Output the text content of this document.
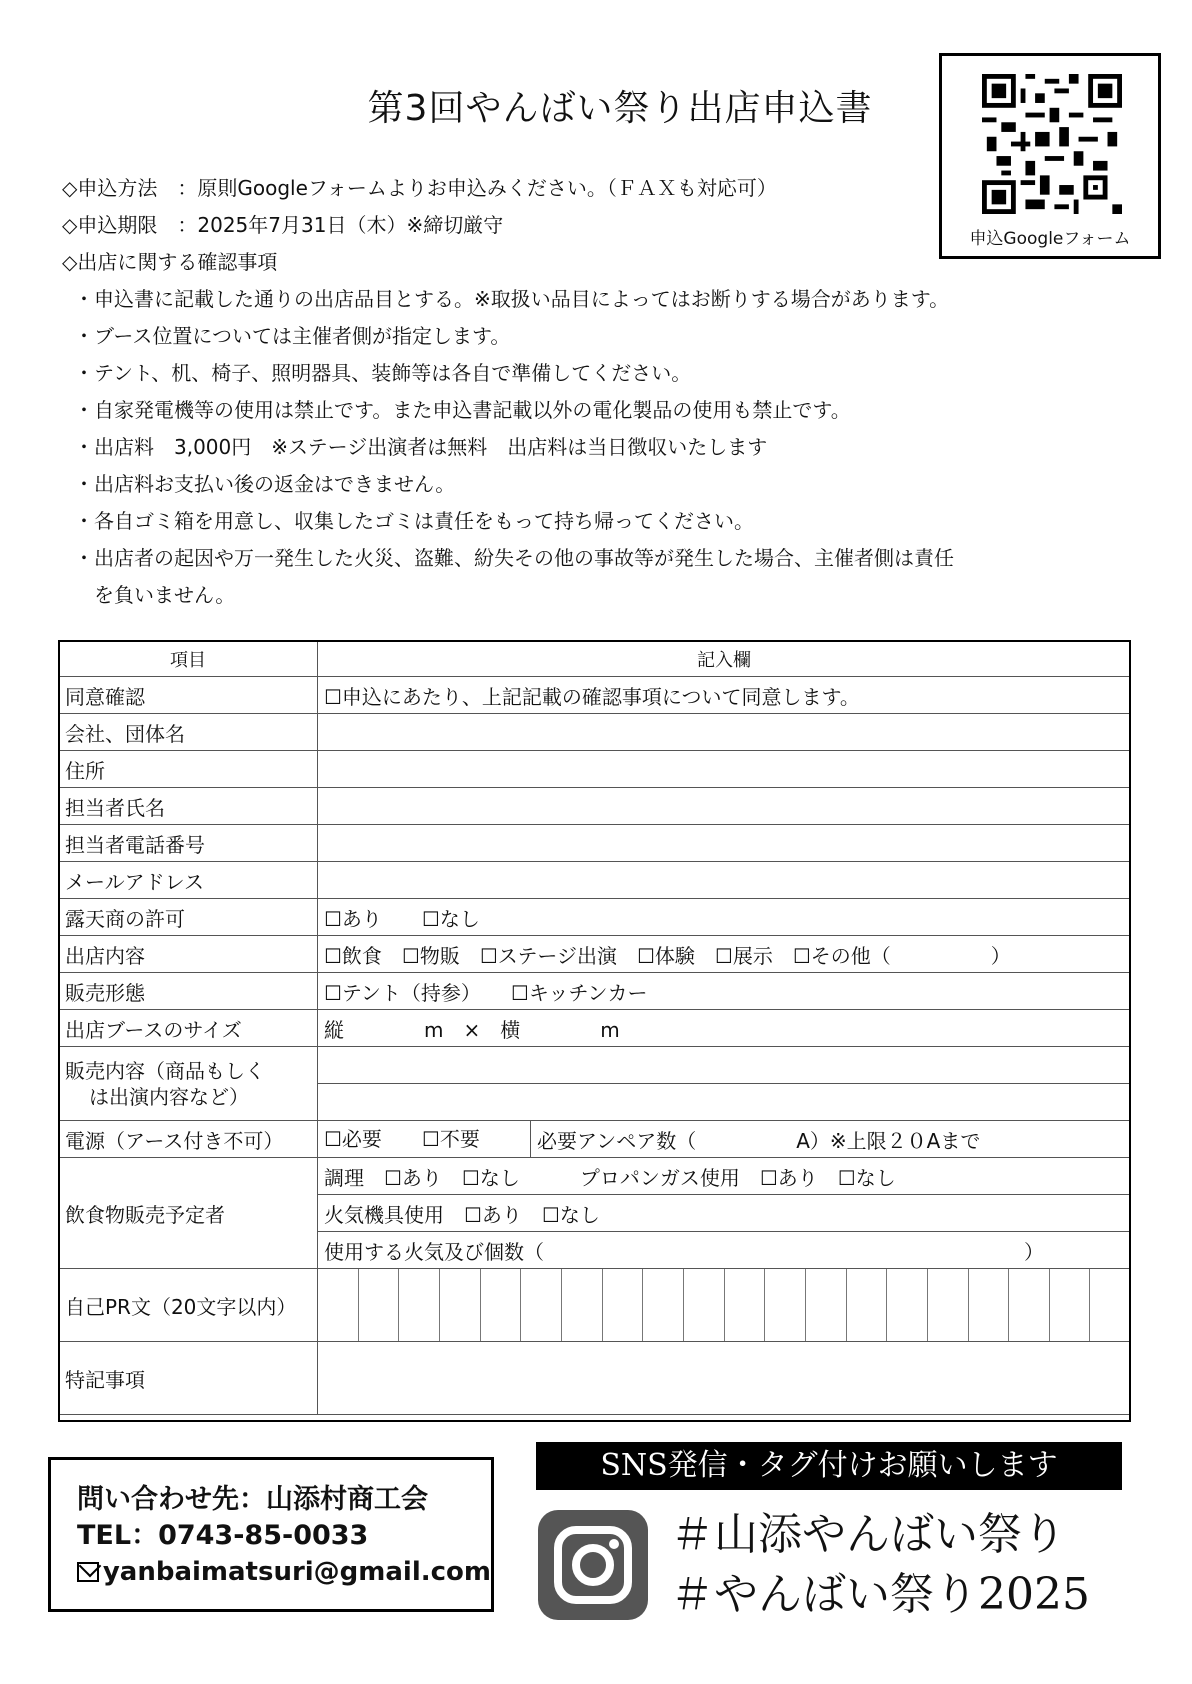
第3回やんばい祭り出店申込書
申込Googleフォーム
◇申込方法　：原則Googleフォームよりお申込みください。（ＦＡＸも対応可）
◇申込期限　：2025年7月31日（木）※締切厳守
◇出店に関する確認事項
・申込書に記載した通りの出店品目とする。※取扱い品目によってはお断りする場合があります。
・ブース位置については主催者側が指定します。
・テント、机、椅子、照明器具、装飾等は各自で準備してください。
・自家発電機等の使用は禁止です。また申込書記載以外の電化製品の使用も禁止です。
・出店料　3,000円　※ステージ出演者は無料　出店料は当日徴収いたします
・出店料お支払い後の返金はできません。
・各自ゴミ箱を用意し、収集したゴミは責任をもって持ち帰ってください。
・出店者の起因や万一発生した火災、盗難、紛失その他の事故等が発生した場合、主催者側は責任
を負いません。
項目	記入欄
同意確認	☐申込にあたり、上記記載の確認事項について同意します。
会社、団体名	
住所	
担当者氏名	
担当者電話番号	
メールアドレス	
露天商の許可	☐あり　　☐なし
出店内容	☐飲食　☐物販　☐ステージ出演　☐体験　☐展示　☐その他（　　　　　）
販売形態	☐テント（持参）　　☐キッチンカー
出店ブースのサイズ	縦　　　　m　×　横　　　　m

販売内容（商品もしく
は出演内容など）	

電源（アース付き不可）	☐必要　　☐不要 必要アンペア数（　　　　　A）※上限２０Aまで

飲食物販売予定者	調理　☐あり　☐なし　　　プロパンガス使用　☐あり　☐なし
	火気機具使用　☐あり　☐なし
	使用する火気及び個数（　　　　　　　　　　　　　　　　　　　　　　　　）
自己PR文（20文字以内）	

特記事項	
問い合わせ先：山添村商工会
TEL：0743-85-0033
yanbaimatsuri@gmail.com
SNS発信・タグ付けお願いします
＃山添やんばい祭り
＃やんばい祭り2025
